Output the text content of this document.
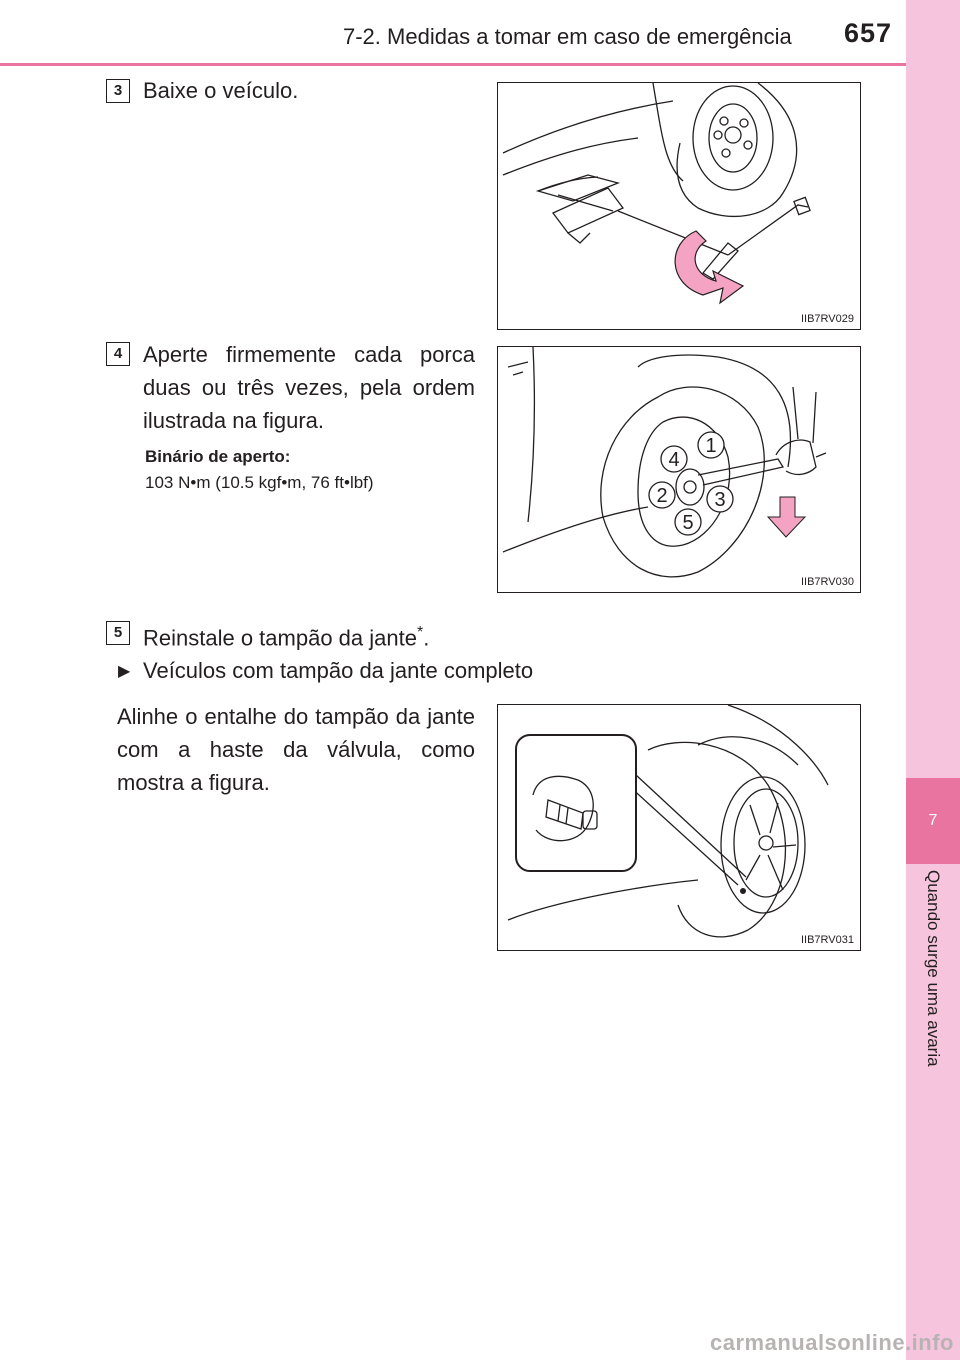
7-2. Medidas a tomar em caso de emergência 657
7
Quando surge uma avaria
3 Baixe o veículo.
IIB7RV029
4 Aperte firmemente cada porca duas ou três vezes, pela ordem ilustrada na figura.
Binário de aperto:
103 N•m (10.5 kgf•m, 76 ft•lbf)
1
2 3
4
5
IIB7RV030
5 Reinstale o tampão da jante*.
▶ Veículos com tampão da jante completo
Alinhe o entalhe do tampão da jante com a haste da válvula, como mostra a figura.
IIB7RV031
carmanualsonline.info
